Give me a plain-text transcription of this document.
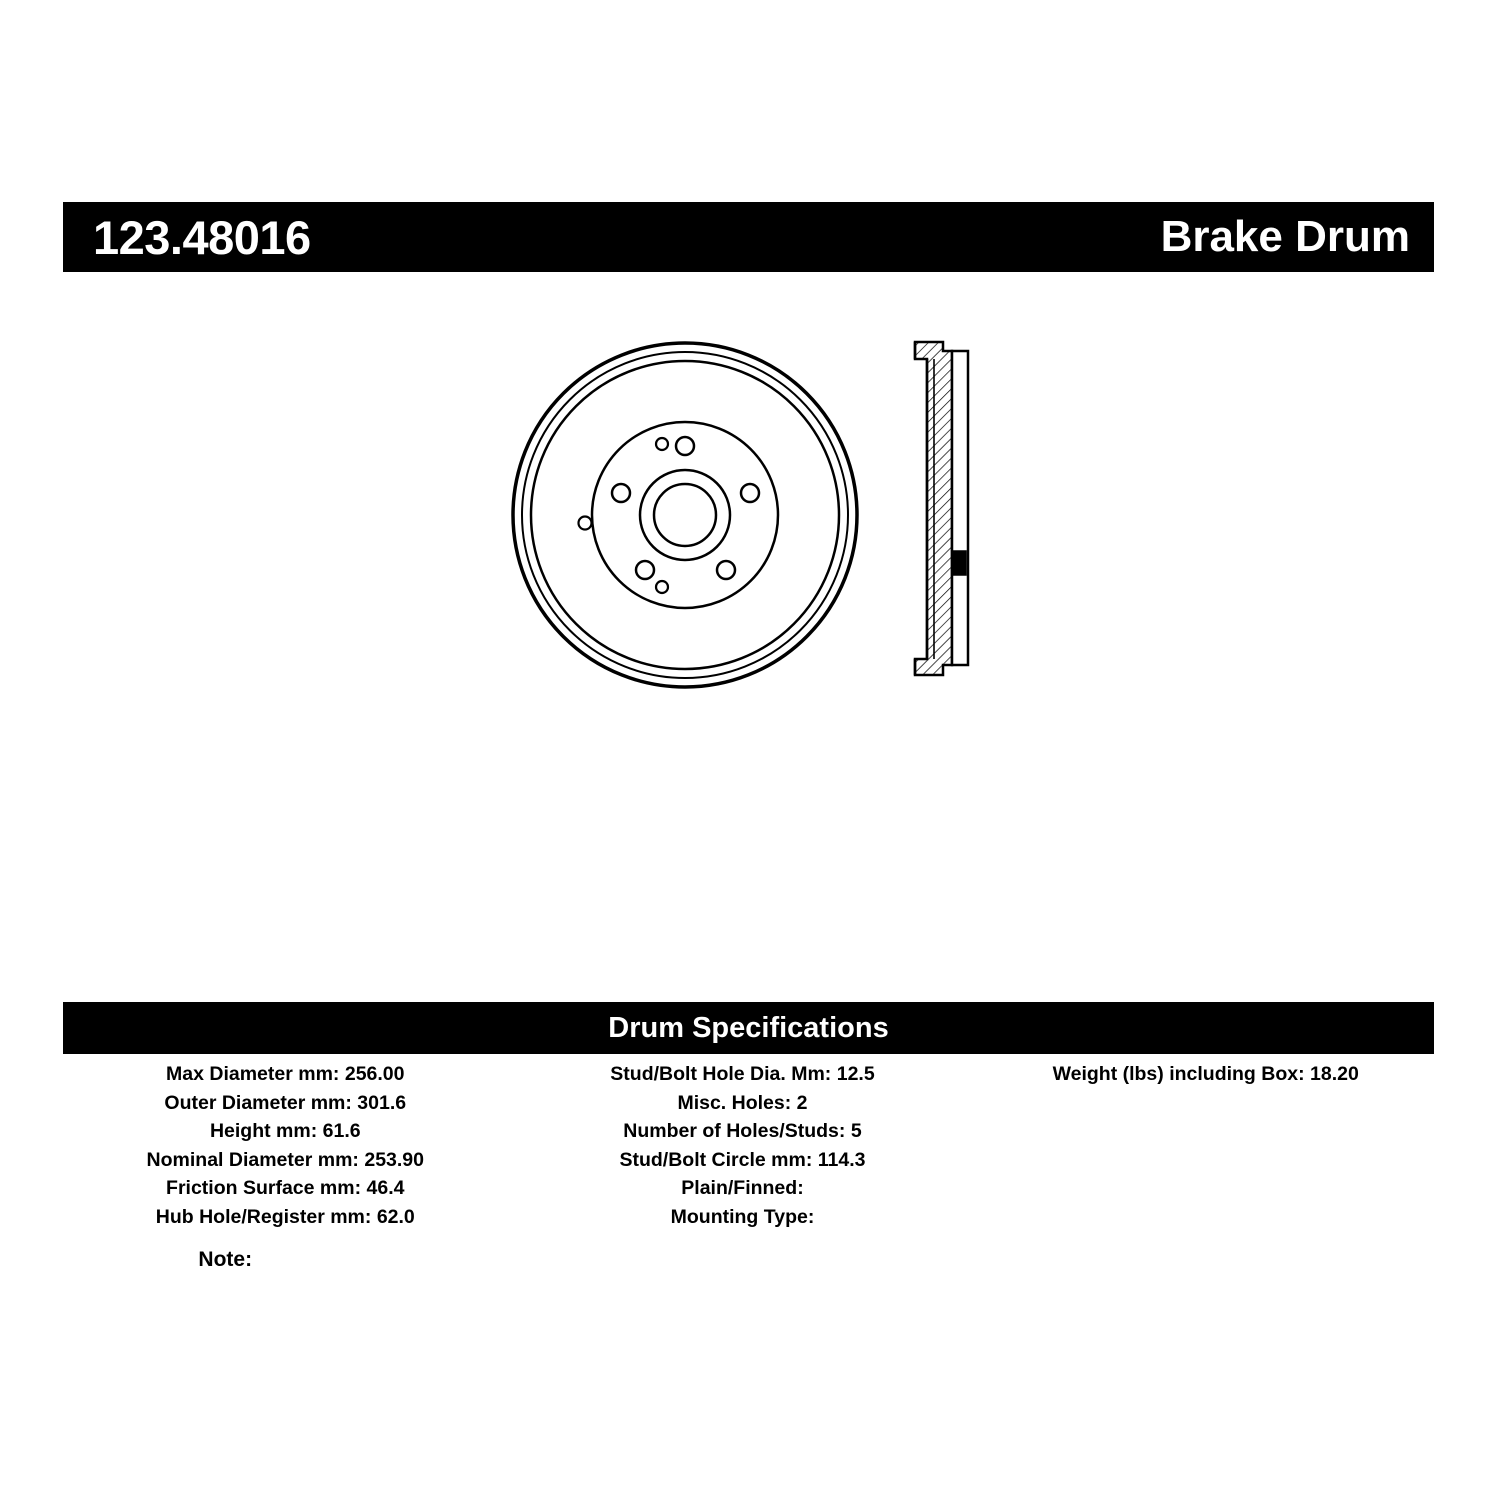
123.48016	Brake Drum
Drum Specifications
Max Diameter mm: 256.00
Outer Diameter mm: 301.6
Height mm: 61.6
Nominal Diameter mm: 253.90
Friction Surface mm: 46.4
Hub Hole/Register mm: 62.0
Note:
Stud/Bolt Hole Dia. Mm: 12.5
Misc. Holes: 2
Number of Holes/Studs: 5
Stud/Bolt Circle mm: 114.3
Plain/Finned:
Mounting Type:
Weight (lbs) including Box: 18.20
